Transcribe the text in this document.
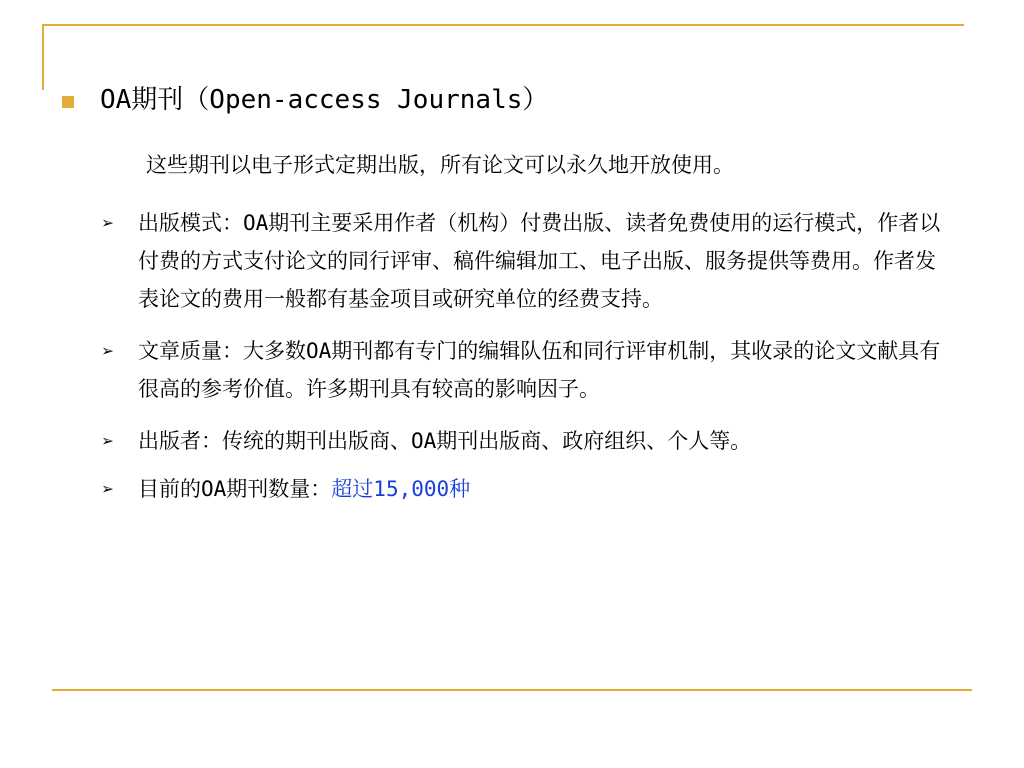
OA期刊（Open-access Journals）
这些期刊以电子形式定期出版，所有论文可以永久地开放使用。
➢	出版模式：OA期刊主要采用作者（机构）付费出版、读者免费使用的运行模式，作者以付费的方式支付论文的同行评审、稿件编辑加工、电子出版、服务提供等费用。作者发表论文的费用一般都有基金项目或研究单位的经费支持。
➢	文章质量：大多数OA期刊都有专门的编辑队伍和同行评审机制，其收录的论文文献具有很高的参考价值。许多期刊具有较高的影响因子。
➢	出版者：传统的期刊出版商、OA期刊出版商、政府组织、个人等。
➢	目前的OA期刊数量：超过15,000种
